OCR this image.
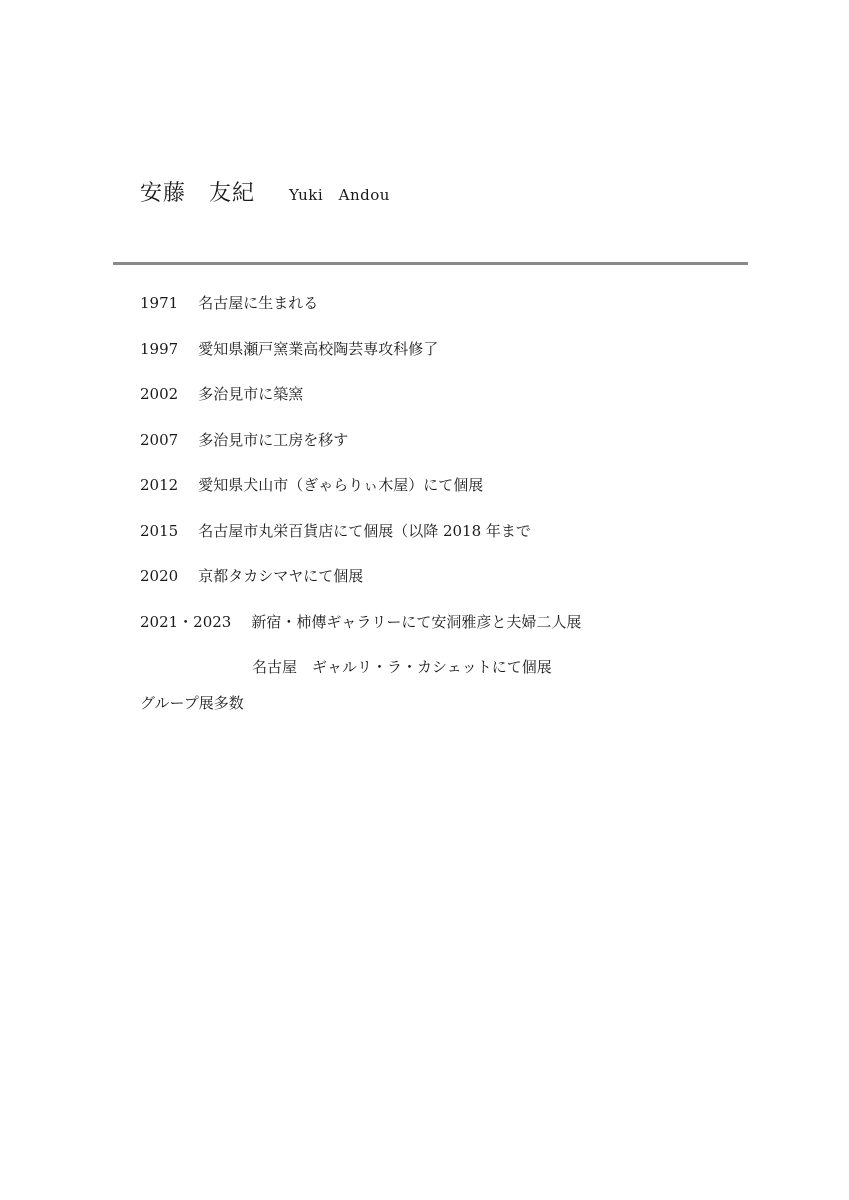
安藤　友紀 Yuki　Andou
1971 名古屋に生まれる
1997 愛知県瀬戸窯業高校陶芸専攻科修了
2002 多治見市に築窯
2007 多治見市に工房を移す
2012 愛知県犬山市（ぎゃらりぃ木屋）にて個展
2015 名古屋市丸栄百貨店にて個展（以降 2018 年まで
2020 京都タカシマヤにて個展
2021・2023 新宿・柿傳ギャラリーにて安洞雅彦と夫婦二人展
名古屋　ギャルリ・ラ・カシェットにて個展
グループ展多数
